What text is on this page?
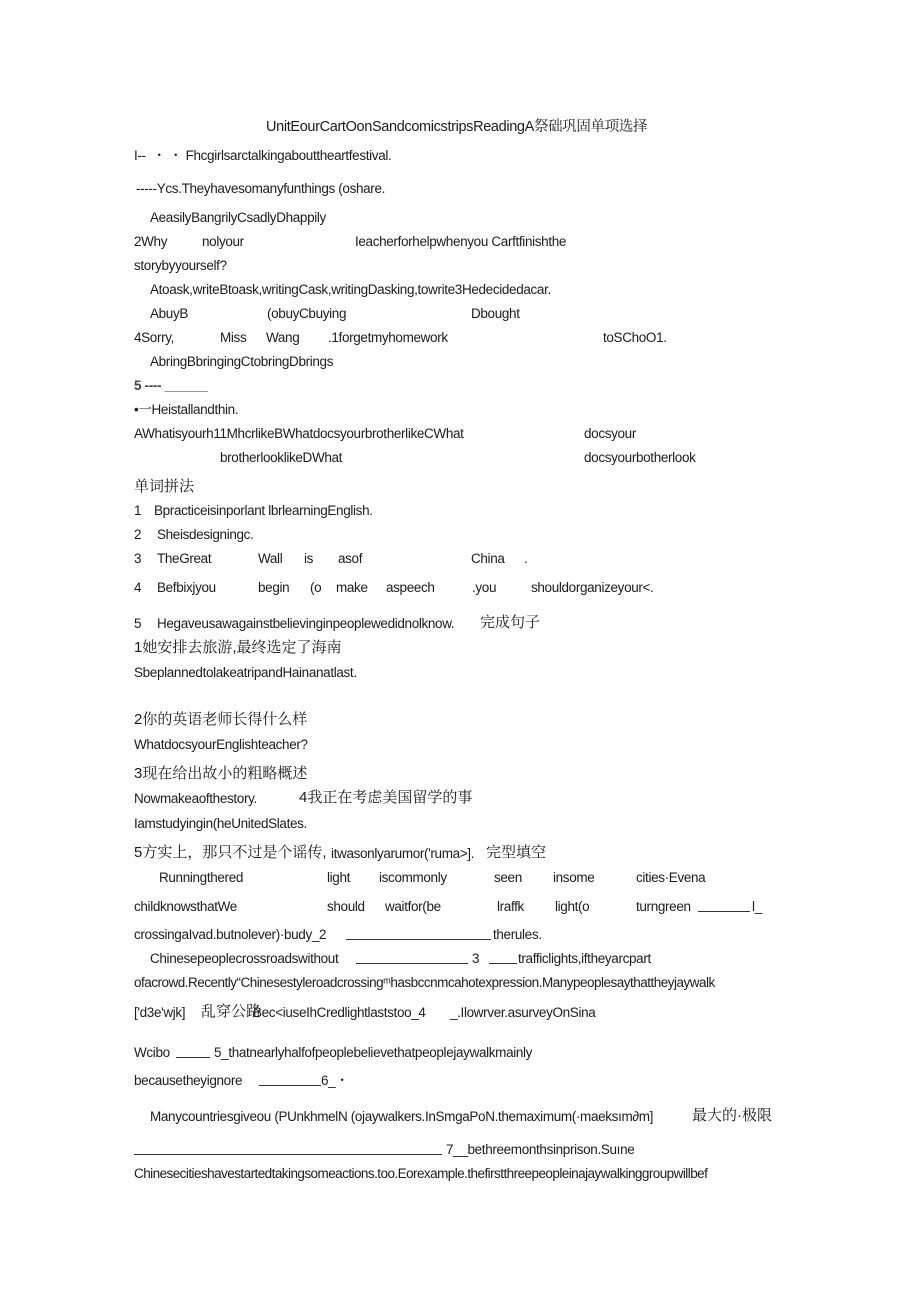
UnitEourCartOonSandcomicstripsReadingA祭础巩固单项选择
I--  ・ ・ Fhcgirlsarctalkingabouttheartfestival.
-----Ycs.Theyhavesomanyfunthings (oshare.
AeasilyBangrilyCsadlyDhappily
2Why	nolyour	Ieacherforhelpwhenyou Carftfinishthe
storybyyourself?
Atoask,writeBtoask,writingCask,writingDasking,towrite3Hedecidedacar.
AbuyB	(obuyCbuying	Dbought
4Sorry,	Miss Wang .1forgetmyhomework	toSChoO1.
AbringBbringingCtobringDbrings
5 ---- ______
•一Heistallandthin.
AWhatisyourh11MhcrlikeBWhatdocsyourbrotherlikeCWhat	docsyour
brotherlooklikeDWhat	docsyourbotherlook
单词拼法
1 Bpracticeisinporlant lbrlearningEnglish.
2 Sheisdesigningc.
3 TheGreat	Wall is asof	China .
4 Befbixjyou	begin (o make aspeech	.you	shouldorganizeyour<.
5 Hegaveusawagainstbelievinginpeoplewedidnolknow. 完成句子
1她安排去旅游,最终选定了海南
SbeplannedtolakeatripandHainanatlast.
2你的英语老师长得什么样
WhatdocsyourEnglishteacher?
3现在给出故小的粗略概述
Nowmakeaofthestory.	4我正在考虑美国留学的事
Iamstudyingin(heUnitedSlates.
5方实上，那只不过是个谣传, itwasonlyarumor('ruma>]. 完型填空
Runningthered	light iscommonly	seen insome	cities·Evena
childknowsthatWe	should waitfor(be	lraffk light(o	turngreen	l_
crossingaIvad.butnolever)·budy_2	therules.
Chinesepeoplecrossroadswithout	3	trafficlights,iftheyarcpart
ofacrowd.Recently“Chinesestyleroadcrossingᵐhasbccnmcahotexpression.Manypeoplesaythattheyjaywalk
['d3e'wjk] 乱穿公路
Bec<iuseIhCredlightlaststoo_4 _.Ilowrver.asurveyOnSina
Wcibo	5_thatnearlyhalfofpeoplebelievethatpeoplejaywalkmainly
becausetheyignore	6_・
Manycountriesgiveou (PUnkhmelN (ojaywalkers.InSmgaPoN.themaximum(·maeksım∂m]	最大的·极限
7__bethreemonthsinprison.Suıne
Chinesecitieshavestartedtakingsomeactions.too.Eorexample.thefirstthreepeopleinajaywalkinggroupwillbef
